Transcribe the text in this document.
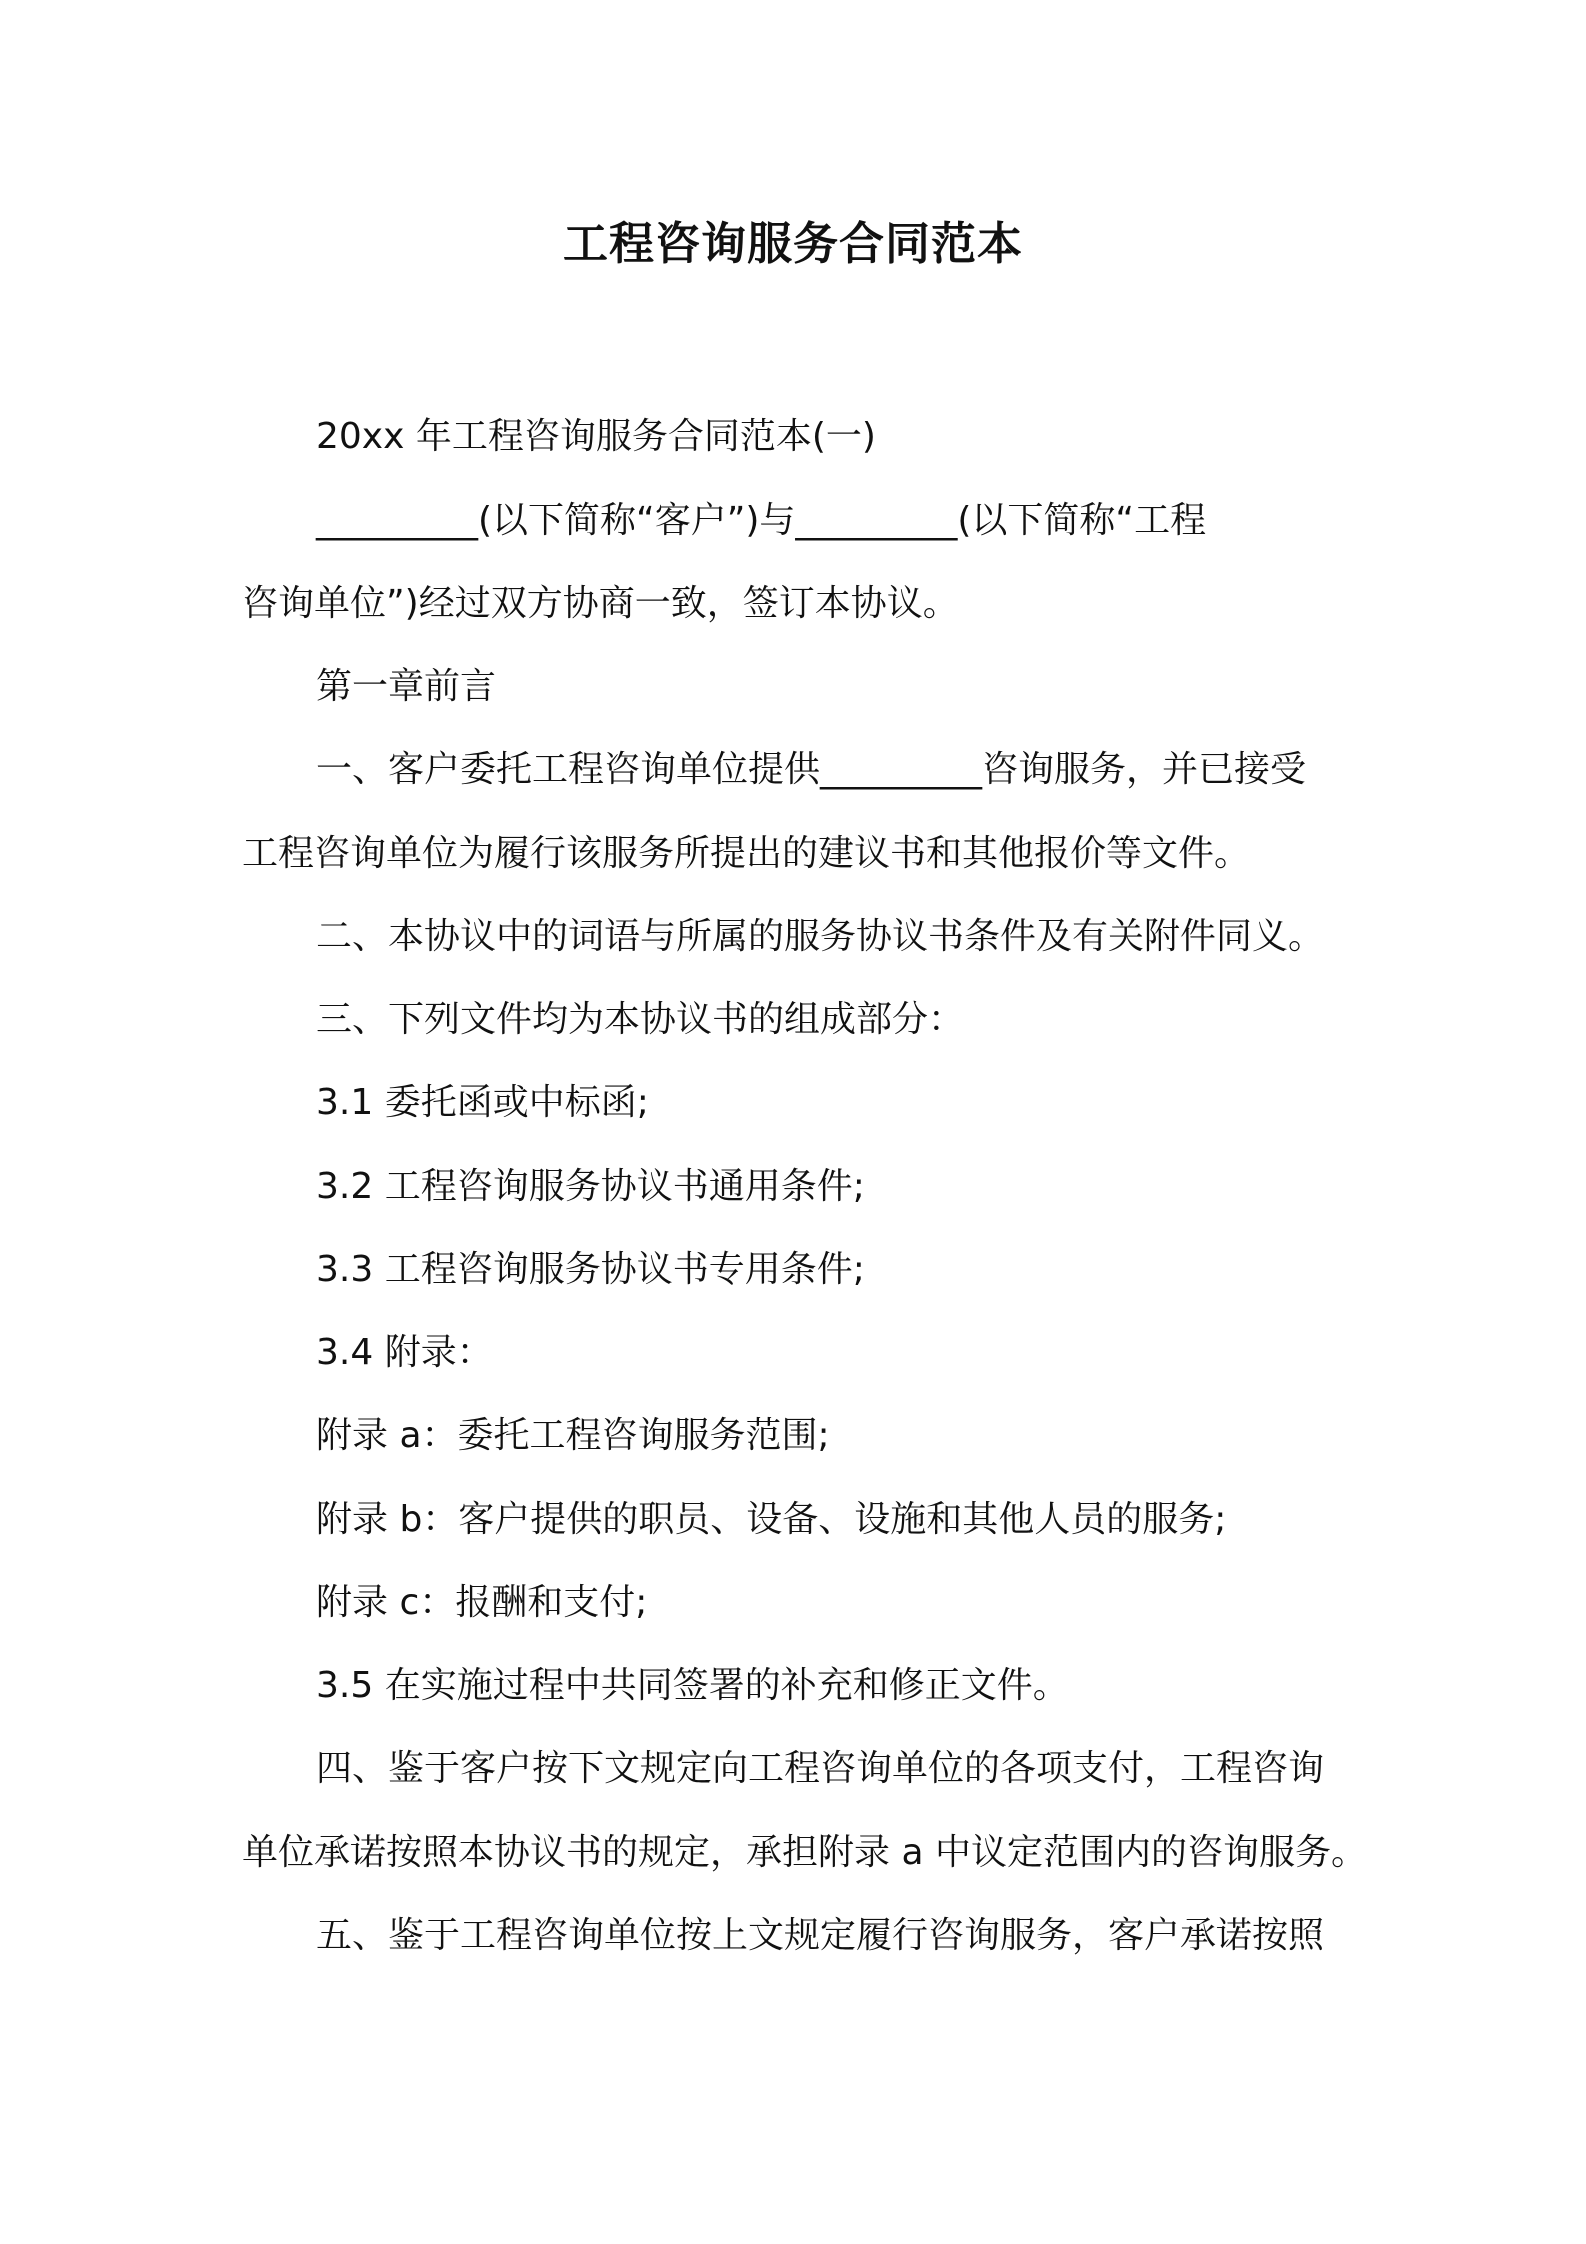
工程咨询服务合同范本
20xx 年工程咨询服务合同范本(一)
_________(以下简称“客户”)与_________(以下简称“工程
咨询单位”)经过双方协商一致，签订本协议。
第一章前言
一、客户委托工程咨询单位提供_________咨询服务，并已接受
工程咨询单位为履行该服务所提出的建议书和其他报价等文件。
二、本协议中的词语与所属的服务协议书条件及有关附件同义。
三、下列文件均为本协议书的组成部分：
3.1 委托函或中标函;
3.2 工程咨询服务协议书通用条件;
3.3 工程咨询服务协议书专用条件;
3.4 附录：
附录 a：委托工程咨询服务范围;
附录 b：客户提供的职员、设备、设施和其他人员的服务;
附录 c：报酬和支付;
3.5 在实施过程中共同签署的补充和修正文件。
四、鉴于客户按下文规定向工程咨询单位的各项支付，工程咨询
单位承诺按照本协议书的规定，承担附录 a 中议定范围内的咨询服务。
五、鉴于工程咨询单位按上文规定履行咨询服务，客户承诺按照
